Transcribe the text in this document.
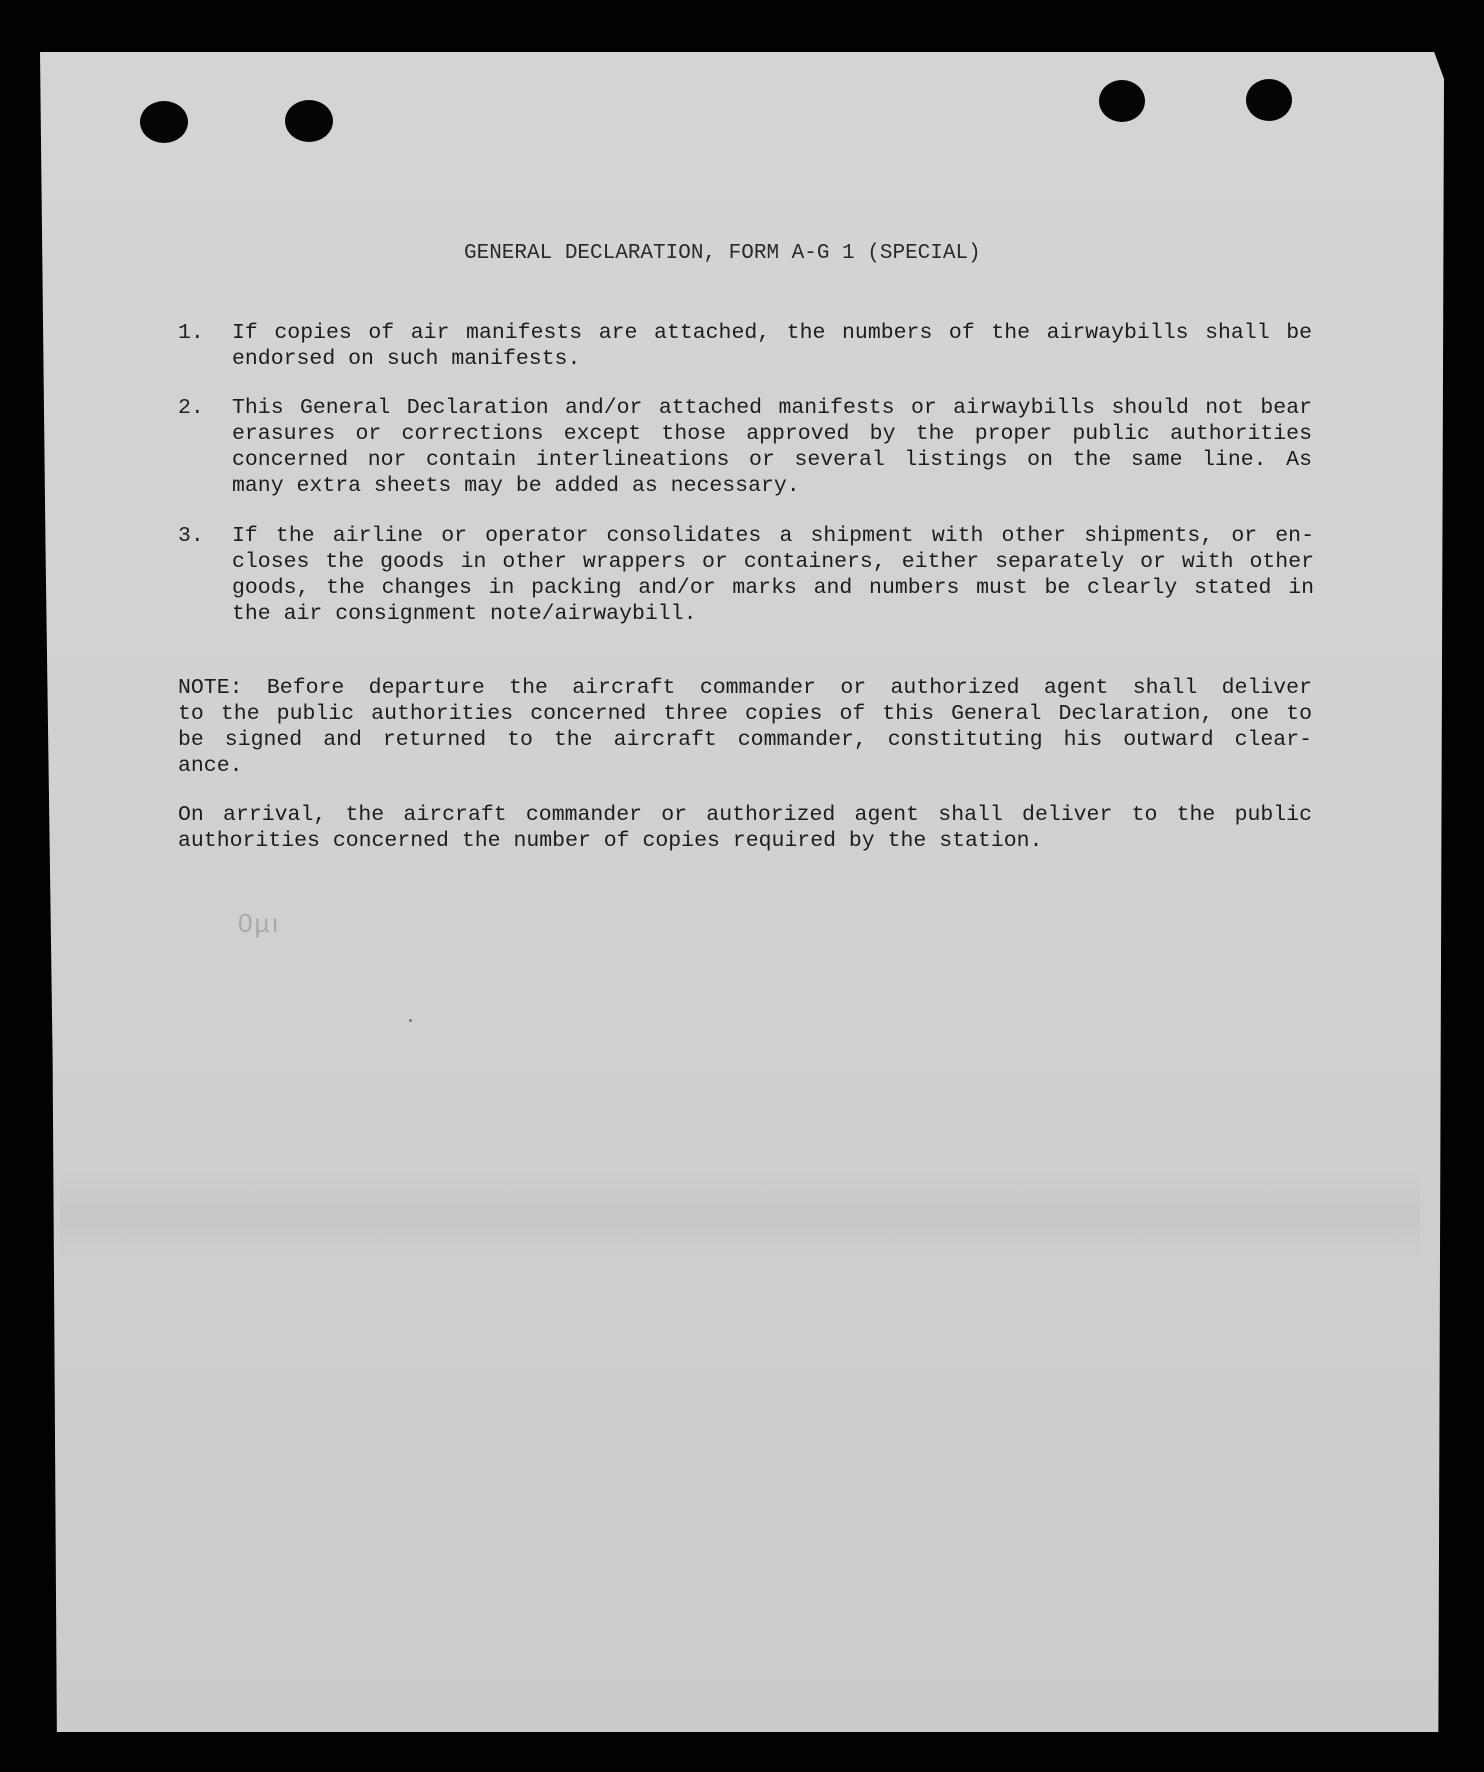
GENERAL DECLARATION, FORM A-G 1 (SPECIAL)
1. If copies of air manifests are attached, the numbers of the airwaybills shall be
endorsed on such manifests.
2. This General Declaration and/or attached manifests or airwaybills should not bear
erasures or corrections except those approved by the proper public authorities
concerned nor contain interlineations or several listings on the same line. As
many extra sheets may be added as necessary.
3. If the airline or operator consolidates a shipment with other shipments, or en-
closes the goods in other wrappers or containers, either separately or with other
goods, the changes in packing and/or marks and numbers must be clearly stated in
the air consignment note/airwaybill.
NOTE: Before departure the aircraft commander or authorized agent shall deliver
to the public authorities concerned three copies of this General Declaration, one to
be signed and returned to the aircraft commander, constituting his outward clear-
ance.
On arrival, the aircraft commander or authorized agent shall deliver to the public
authorities concerned the number of copies required by the station.
0µı
